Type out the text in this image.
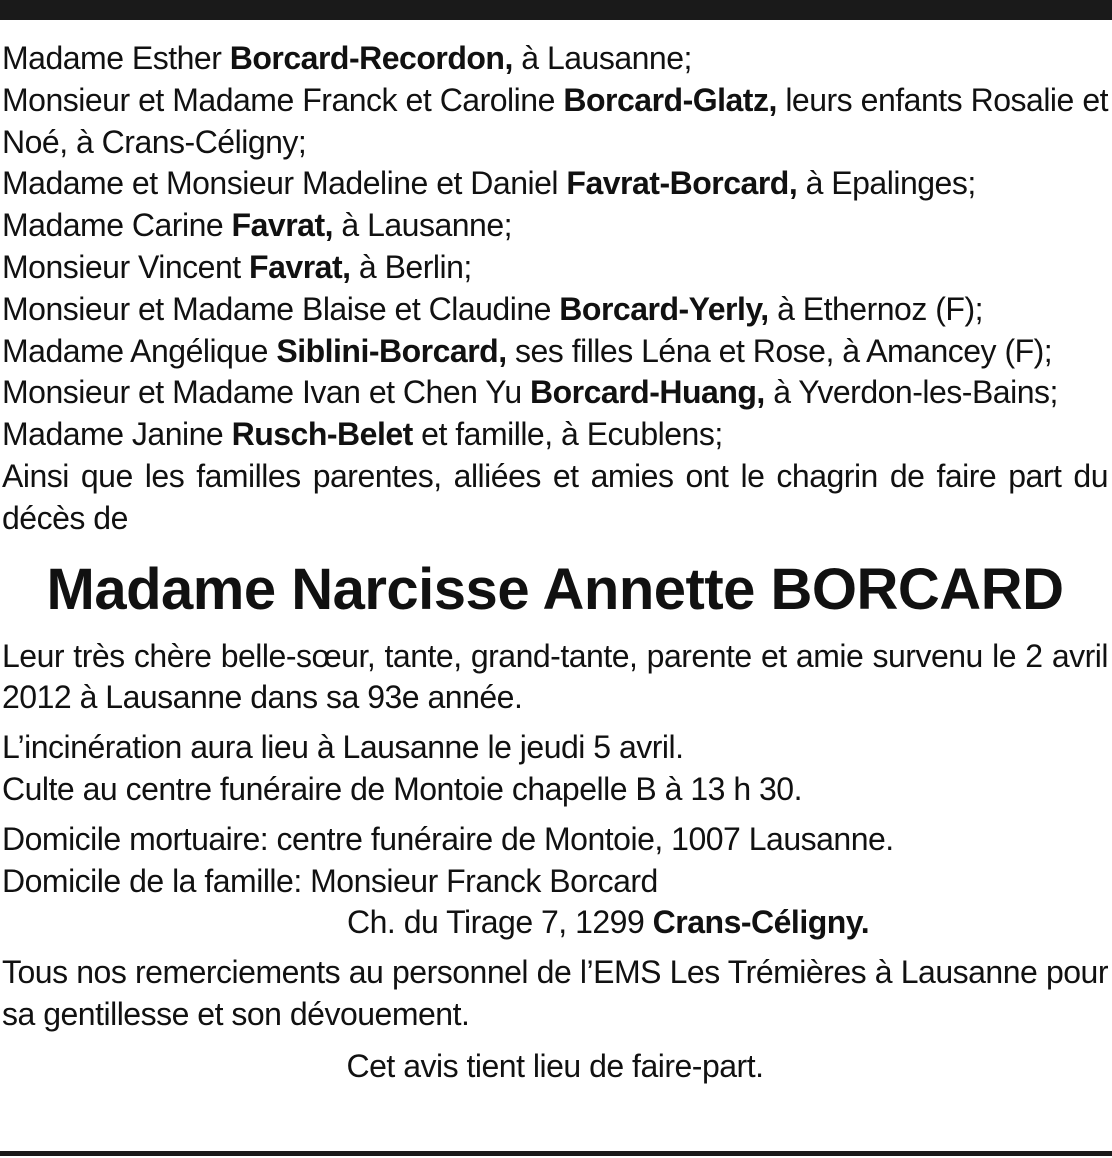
Madame Esther Borcard-Recordon, à Lausanne;

Monsieur et Madame Franck et Caroline Borcard-Glatz, leurs enfants Rosalie et Noé, à Crans-Céligny;

Madame et Monsieur Madeline et Daniel Favrat-Borcard, à Epalinges;

Madame Carine Favrat, à Lausanne;

Monsieur Vincent Favrat, à Berlin;

Monsieur et Madame Blaise et Claudine Borcard-Yerly, à Ethernoz (F);

Madame Angélique Siblini-Borcard, ses filles Léna et Rose, à Amancey (F);

Monsieur et Madame Ivan et Chen Yu Borcard-Huang, à Yverdon-les-Bains;

Madame Janine Rusch-Belet et famille, à Ecublens;

Ainsi que les familles parentes, alliées et amies ont le chagrin de faire part du décès de

Madame Narcisse Annette BORCARD

Leur très chère belle-sœur, tante, grand-tante, parente et amie survenu le 2 avril 2012 à Lausanne dans sa 93e année.

L’incinération aura lieu à Lausanne le jeudi 5 avril.

Culte au centre funéraire de Montoie chapelle B à 13 h 30.

Domicile mortuaire: centre funéraire de Montoie, 1007 Lausanne.

Domicile de la famille: Monsieur Franck Borcard

Ch. du Tirage 7, 1299 Crans-Céligny.

Tous nos remerciements au personnel de l’EMS Les Trémières à Lausanne pour sa gentillesse et son dévouement.

Cet avis tient lieu de faire-part.
